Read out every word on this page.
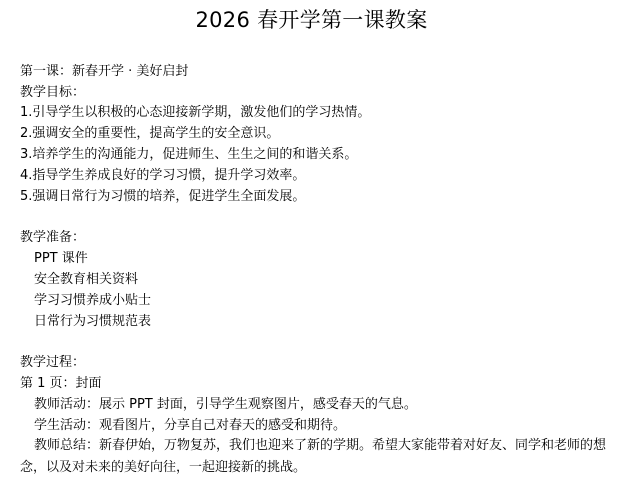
2026 春开学第一课教案
第一课：新春开学 · 美好启封
教学目标：
1.引导学生以积极的心态迎接新学期，激发他们的学习热情。
2.强调安全的重要性，提高学生的安全意识。
3.培养学生的沟通能力，促进师生、生生之间的和谐关系。
4.指导学生养成良好的学习习惯，提升学习效率。
5.强调日常行为习惯的培养，促进学生全面发展。
教学准备：
PPT 课件
安全教育相关资料
学习习惯养成小贴士
日常行为习惯规范表
教学过程：
第 1 页：封面
教师活动：展示 PPT 封面，引导学生观察图片，感受春天的气息。
学生活动：观看图片，分享自己对春天的感受和期待。
教师总结：新春伊始，万物复苏，我们也迎来了新的学期。希望大家能带着对好友、同学和老师的想念，以及对未来的美好向往，一起迎接新的挑战。
